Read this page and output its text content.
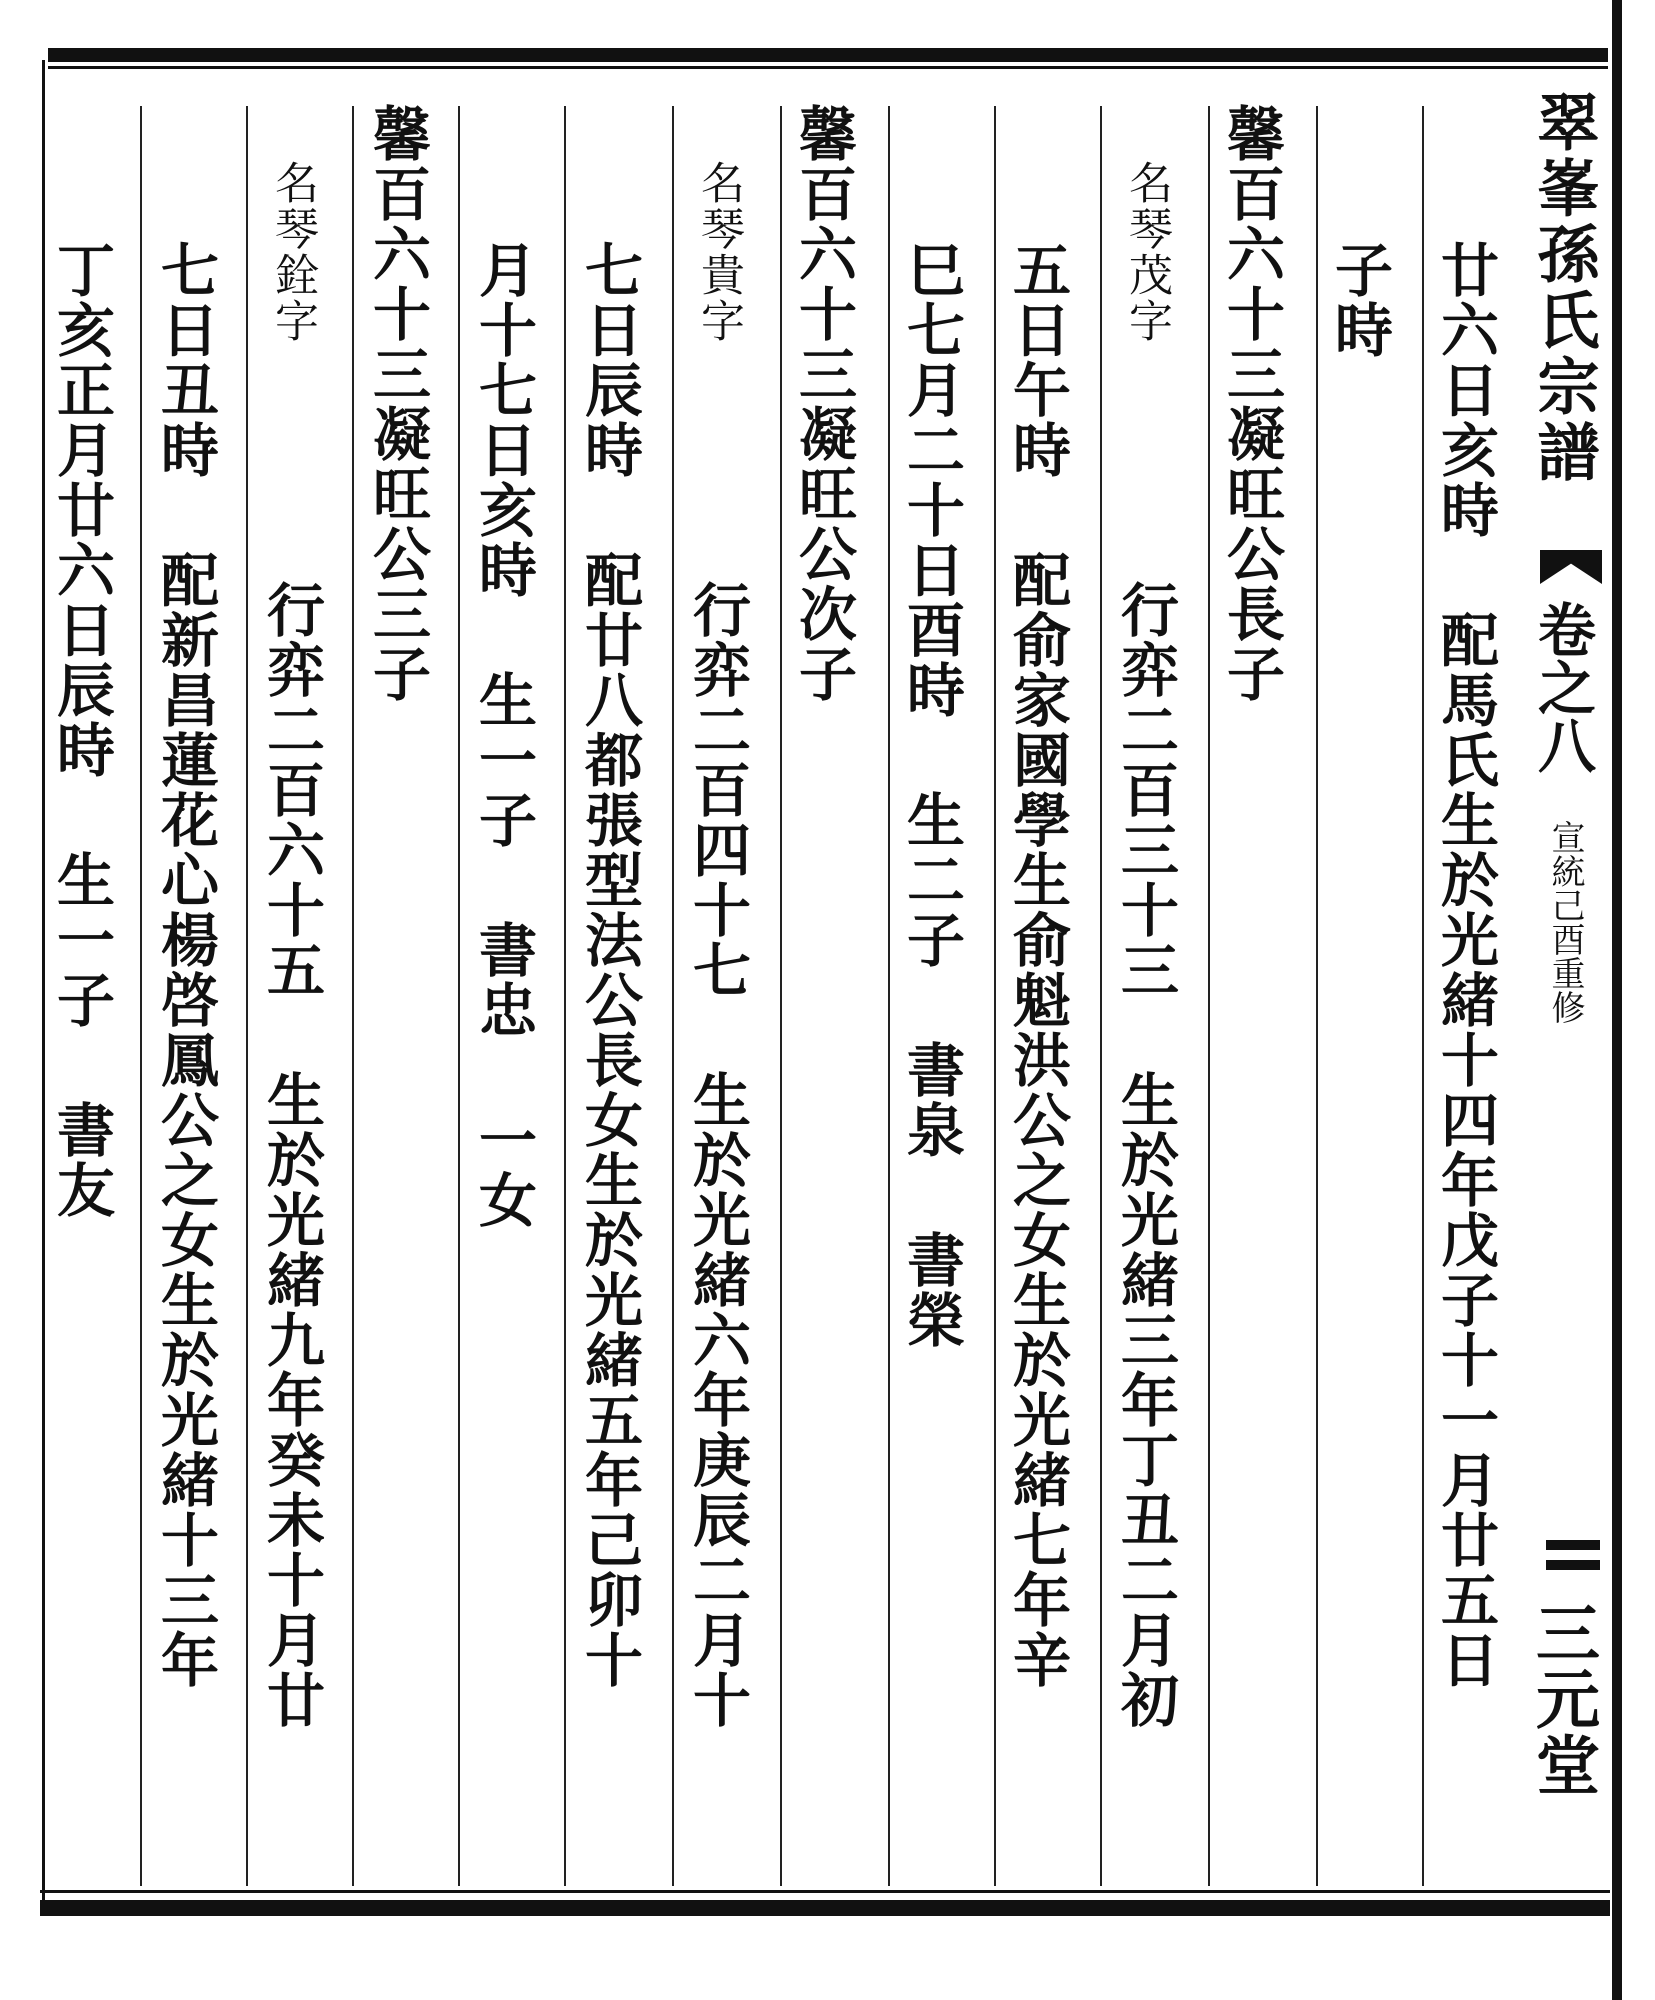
翠峯孫氏宗譜
卷之八
宣統己酉重修
三元堂
廿六日亥時 配馬氏生於光緒十四年戊子十一月廿五日
子時
馨百六十三凝旺公長子
名琴茂字
行弈二百三十三 生於光緒三年丁丑二月初
五日午時 配俞家國學生俞魁洪公之女生於光緒七年辛
巳七月二十日酉時 生二子 書泉 書榮
馨百六十三凝旺公次子
名琴貴字
行弈二百四十七 生於光緒六年庚辰二月十
七日辰時 配廿八都張型法公長女生於光緒五年己卯十
月十七日亥時 生一子 書忠 一女
馨百六十三凝旺公三子
名琴銓字
行弈二百六十五 生於光緒九年癸未十月廿
七日丑時 配新昌蓮花心楊啓鳳公之女生於光緒十三年
丁亥正月廿六日辰時 生一子 書友
